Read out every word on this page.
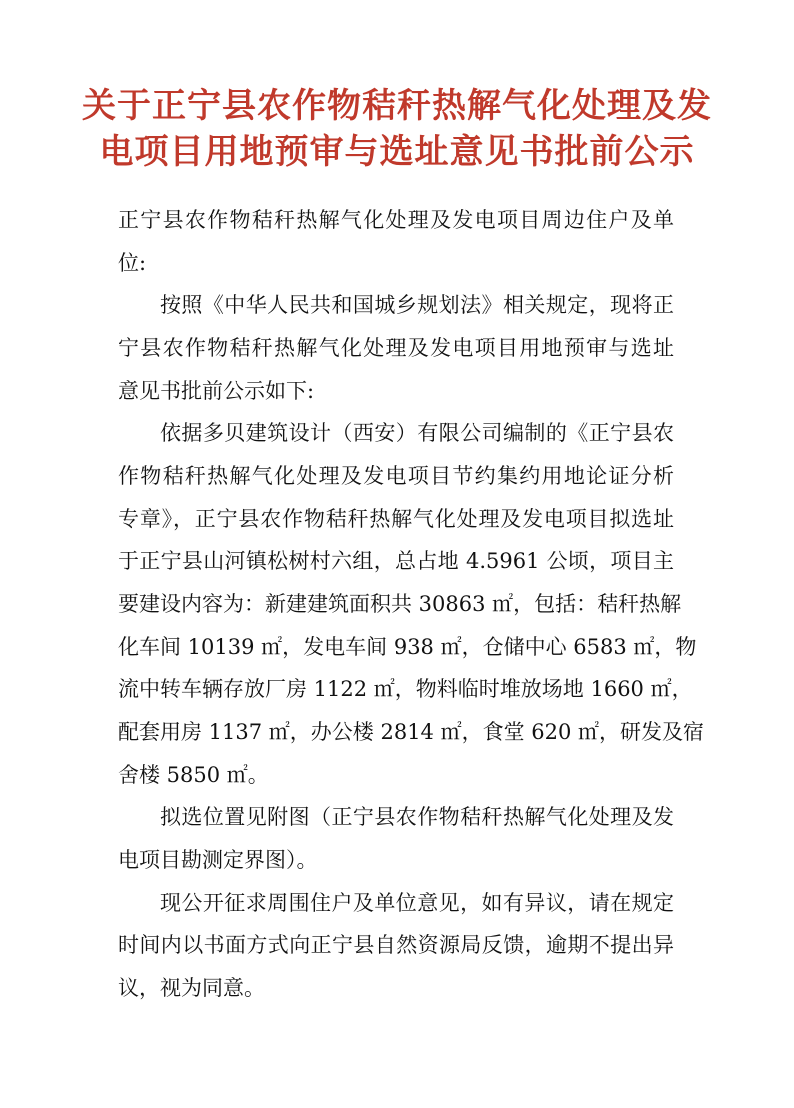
关于正宁县农作物秸秆热解气化处理及发
电项目用地预审与选址意见书批前公示
正宁县农作物秸秆热解气化处理及发电项目周边住户及单
位:
按照《中华人民共和国城乡规划法》相关规定，现将正
宁县农作物秸秆热解气化处理及发电项目用地预审与选址
意见书批前公示如下:
依据多贝建筑设计（西安）有限公司编制的《正宁县农
作物秸秆热解气化处理及发电项目节约集约用地论证分析
专章》，正宁县农作物秸秆热解气化处理及发电项目拟选址
于正宁县山河镇松树村六组，总占地 4.5961 公顷，项目主
要建设内容为：新建建筑面积共 30863 ㎡，包括：秸秆热解
化车间 10139 ㎡，发电车间 938 ㎡，仓储中心 6583 ㎡，物
流中转车辆存放厂房 1122 ㎡，物料临时堆放场地 1660 ㎡，
配套用房 1137 ㎡，办公楼 2814 ㎡，食堂 620 ㎡，研发及宿
舍楼 5850 ㎡。
拟选位置见附图（正宁县农作物秸秆热解气化处理及发
电项目勘测定界图）。
现公开征求周围住户及单位意见，如有异议，请在规定
时间内以书面方式向正宁县自然资源局反馈，逾期不提出异
议，视为同意。
